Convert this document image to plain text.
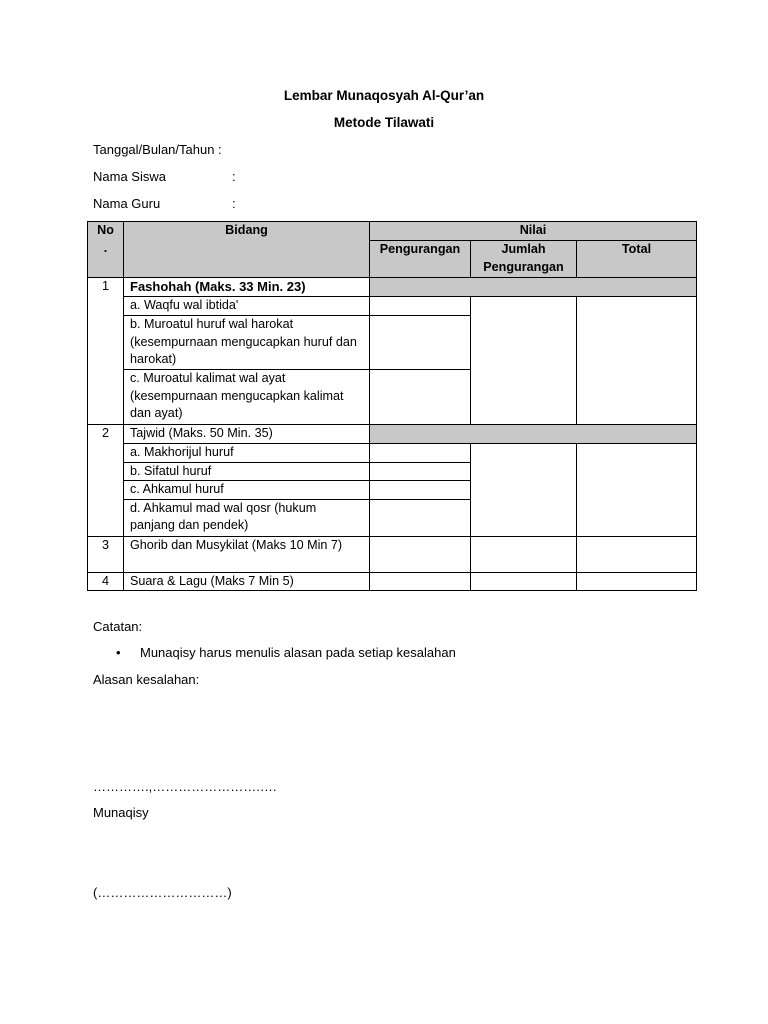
Lembar Munaqosyah Al-Qur’an
Metode Tilawati
Tanggal/Bulan/Tahun :
Nama Siswa	:
Nama Guru	:
No .	Bidang	Nilai		
		Pengurangan	Jumlah Pengurangan	Total
1	Fashohah (Maks. 33 Min. 23)			
	a. Waqfu wal ibtida'			
	b. Muroatul huruf wal harokat (kesempurnaan mengucapkan huruf dan harokat)			
	c. Muroatul kalimat wal ayat (kesempurnaan mengucapkan kalimat dan ayat)			
2	Tajwid (Maks. 50 Min. 35)			
	a. Makhorijul huruf			
	b. Sifatul huruf			
	c. Ahkamul huruf			
	d. Ahkamul mad wal qosr (hukum panjang dan pendek)			
3	Ghorib dan Musykilat (Maks 10 Min 7)			
4	Suara & Lagu (Maks 7 Min 5)			
Catatan:
• Munaqisy harus menulis alasan pada setiap kesalahan
Alasan kesalahan:
………….,…………………….….
Munaqisy
(…………………………)
